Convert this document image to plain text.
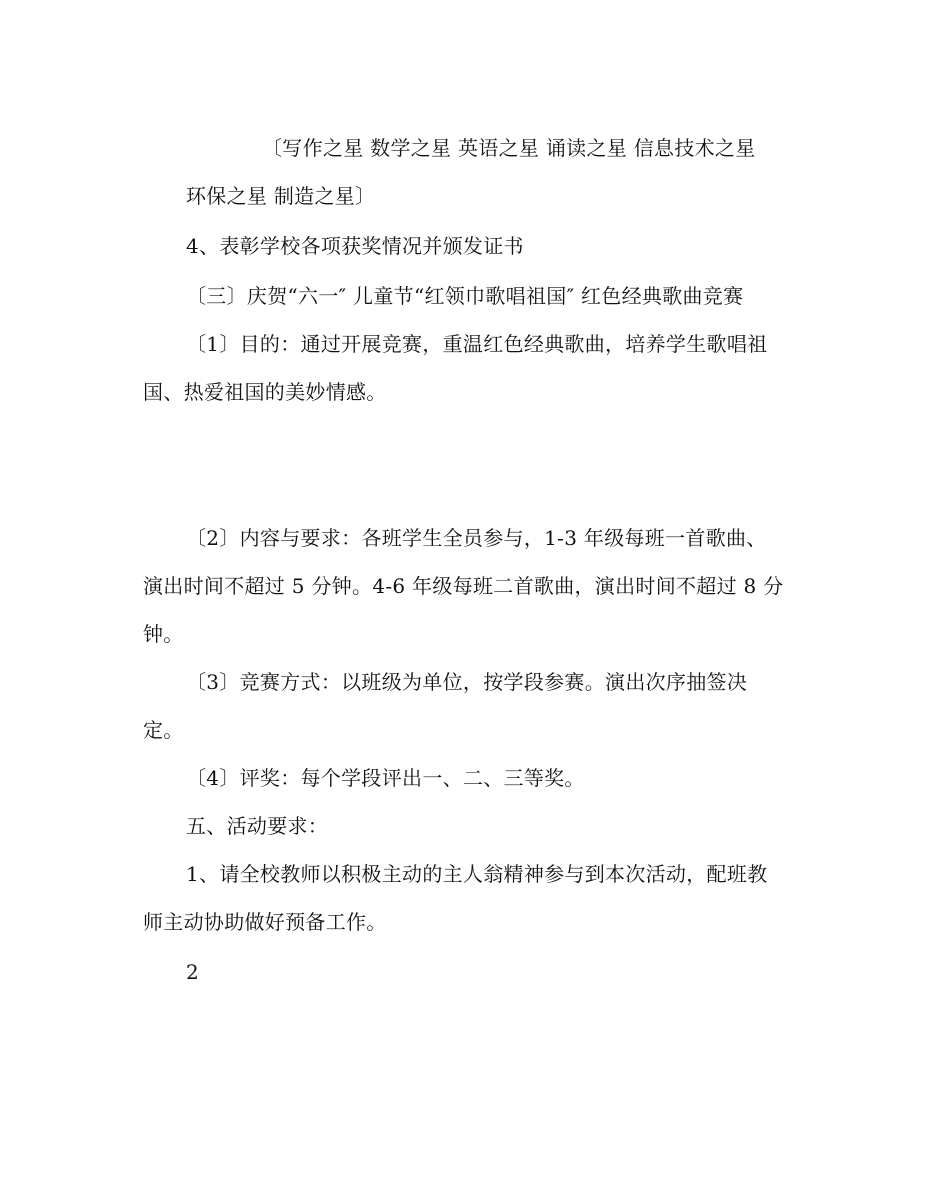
〔写作之星 数学之星 英语之星 诵读之星 信息技术之星
环保之星 制造之星〕
4、表彰学校各项获奖情况并颁发证书
〔三〕庆贺“六一″ 儿童节“红领巾歌唱祖国″ 红色经典歌曲竞赛
〔1〕目的：通过开展竞赛，重温红色经典歌曲，培养学生歌唱祖
国、热爱祖国的美妙情感。
〔2〕内容与要求：各班学生全员参与，1-3 年级每班一首歌曲、
演出时间不超过 5 分钟。4-6 年级每班二首歌曲，演出时间不超过 8 分
钟。
〔3〕竞赛方式：以班级为单位，按学段参赛。演出次序抽签决
定。
〔4〕评奖：每个学段评出一、二、三等奖。
五、活动要求：
1、请全校教师以积极主动的主人翁精神参与到本次活动，配班教
师主动协助做好预备工作。
2
